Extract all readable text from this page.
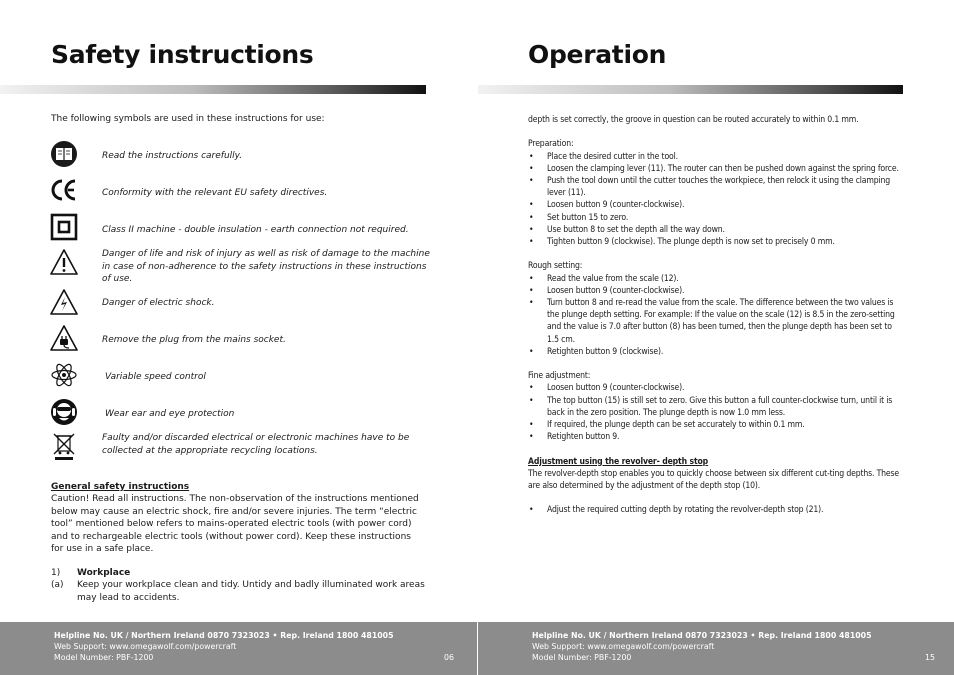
Safety instructions
The following symbols are used in these instructions for use:
Read the instructions carefully.
Conformity with the relevant EU safety directives.
Class II machine - double insulation - earth connection not required.
Danger of life and risk of injury as well as risk of damage to the machine in case of non-adherence to the safety instructions in these instructions of use.
Danger of electric shock.
Remove the plug from the mains socket.
Variable speed control
Wear ear and eye protection
Faulty and/or discarded electrical or electronic machines have to be collected at the appropriate recycling locations.
General safety instructions
Caution! Read all instructions. The non-observation of the instructions mentioned below may cause an electric shock, fire and/or severe injuries. The term “electric tool” mentioned below refers to mains-operated electric tools (with power cord) and to rechargeable electric tools (without power cord). Keep these instructions for use in a safe place.
1) Workplace
(a) Keep your workplace clean and tidy. Untidy and badly illuminated work areas may lead to accidents.
Operation

depth is set correctly, the groove in question can be routed accurately to within 0.1 mm.

Preparation:

• Place the desired cutter in the tool.
• Loosen the clamping lever (11). The router can then be pushed down against the spring force.
• Push the tool down until the cutter touches the workpiece, then relock it using the clamping lever (11).
• Loosen button 9 (counter-clockwise).
• Set button 15 to zero.
• Use button 8 to set the depth all the way down.
• Tighten button 9 (clockwise). The plunge depth is now set to precisely 0 mm.

Rough setting:

• Read the value from the scale (12).
• Loosen button 9 (counter-clockwise).
• Turn button 8 and re-read the value from the scale. The difference between the two values is the plunge depth setting. For example: If the value on the scale (12) is 8.5 in the zero-setting and the value is 7.0 after button (8) has been turned, then the plunge depth has been set to 1.5 cm.
• Retighten button 9 (clockwise).

Fine adjustment:

• Loosen button 9 (counter-clockwise).
• The top button (15) is still set to zero. Give this button a full counter-clockwise turn, until it is back in the zero position. The plunge depth is now 1.0 mm less.
• If required, the plunge depth can be set accurately to within 0.1 mm.
• Retighten button 9.

Adjustment using the revolver- depth stop

The revolver-depth stop enables you to quickly choose between six different cut-ting depths. These are also determined by the adjustment of the depth stop (10).

• Adjust the required cutting depth by rotating the revolver-depth stop (21).
Helpline No. UK / Northern Ireland 0870 7323023 • Rep. Ireland 1800 481005
Web Support: www.omegawolf.com/powercraft
Model Number: PBF-1200	06
Helpline No. UK / Northern Ireland 0870 7323023 • Rep. Ireland 1800 481005
Web Support: www.omegawolf.com/powercraft
Model Number: PBF-1200	15
